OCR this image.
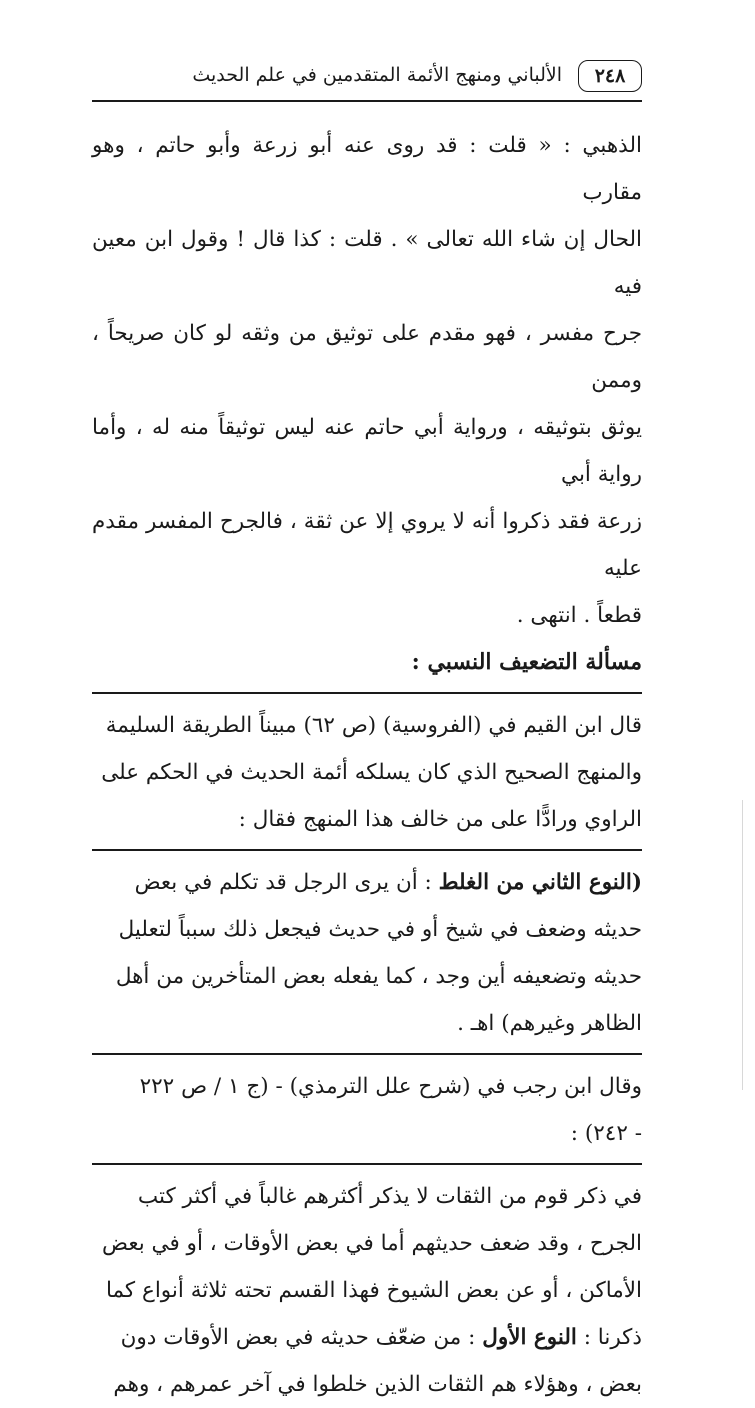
٢٤٨
الألباني ومنهج الأئمة المتقدمين في علم الحديث

الذهبي : « قلت : قد روى عنه أبو زرعة وأبو حاتم ، وهو مقارب

الحال إن شاء الله تعالى » . قلت : كذا قال ! وقول ابن معين فيه

جرح مفسر ، فهو مقدم على توثيق من وثقه لو كان صريحاً ، وممن

يوثق بتوثيقه ، ورواية أبي حاتم عنه ليس توثيقاً منه له ، وأما رواية أبي

زرعة فقد ذكروا أنه لا يروي إلا عن ثقة ، فالجرح المفسر مقدم عليه

قطعاً . انتهى .

مسألة التضعيف النسبي :

قال ابن القيم في (الفروسية) (ص ٦٢) مبيناً الطريقة السليمة

والمنهج الصحيح الذي كان يسلكه أئمة الحديث في الحكم على

الراوي ورادًّا على من خالف هذا المنهج فقال :

(النوع الثاني من الغلط : أن يرى الرجل قد تكلم في بعض

حديثه وضعف في شيخ أو في حديث فيجعل ذلك سبباً لتعليل

حديثه وتضعيفه أين وجد ، كما يفعله بعض المتأخرين من أهل

الظاهر وغيرهم) اهـ .

وقال ابن رجب في (شرح علل الترمذي) - (ج ١ / ص ٢٢٢

- ٢٤٢) :

في ذكر قوم من الثقات لا يذكر أكثرهم غالباً في أكثر كتب

الجرح ، وقد ضعف حديثهم أما في بعض الأوقات ، أو في بعض

الأماكن ، أو عن بعض الشيوخ فهذا القسم تحته ثلاثة أنواع كما

ذكرنا : النوع الأول : من ضعّف حديثه في بعض الأوقات دون

بعض ، وهؤلاء هم الثقات الذين خلطوا في آخر عمرهم ، وهم
